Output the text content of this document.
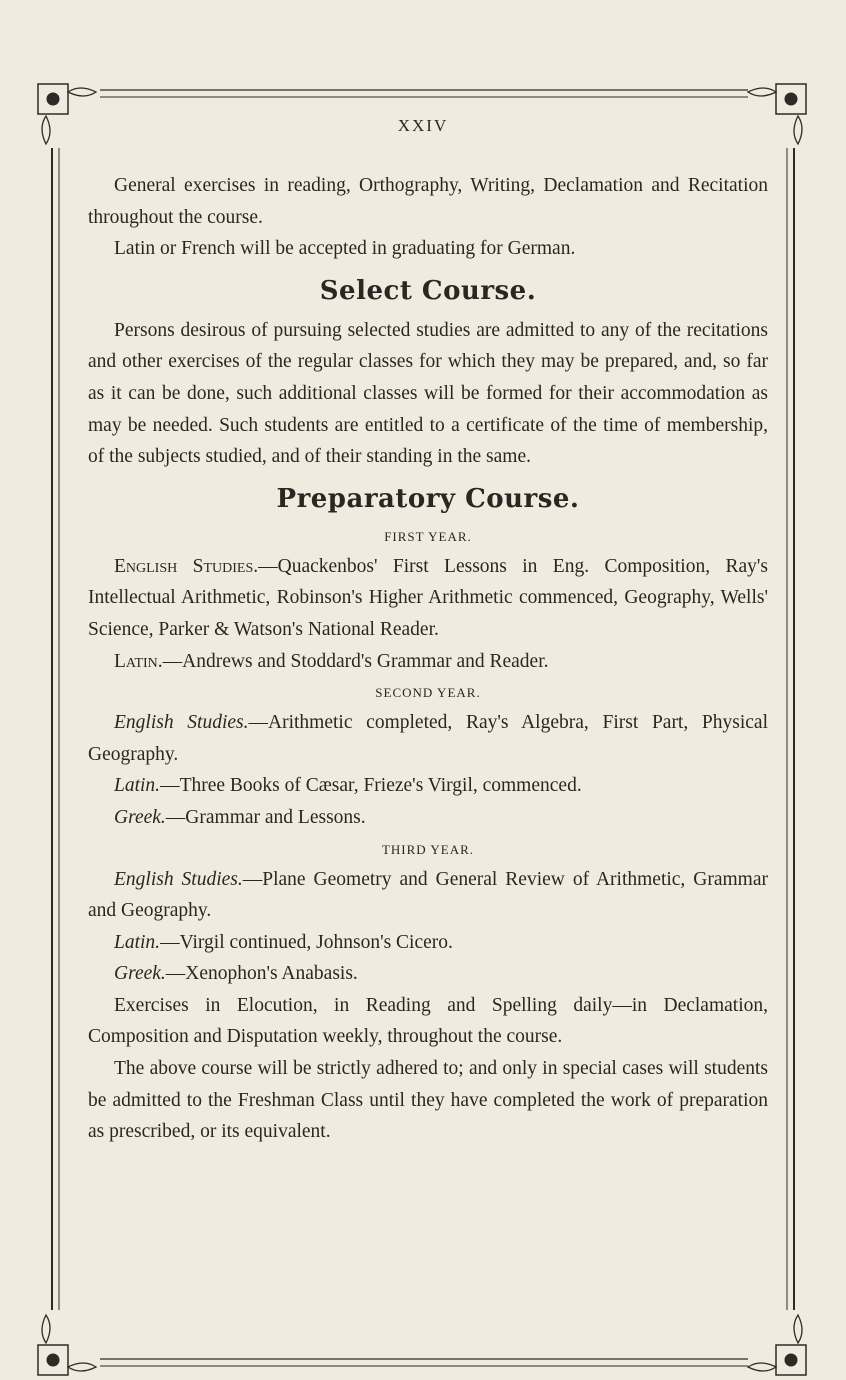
XXIV

General exercises in reading, Orthography, Writing, Declamation and Recitation throughout the course.

Latin or French will be accepted in graduating for German.

Select Course.

Persons desirous of pursuing selected studies are admitted to any of the recitations and other exercises of the regular classes for which they may be prepared, and, so far as it can be done, such additional classes will be formed for their accommodation as may be needed. Such students are entitled to a certificate of the time of membership, of the subjects studied, and of their standing in the same.

Preparatory Course.
FIRST YEAR.

English Studies.—Quackenbos' First Lessons in Eng. Composition, Ray's Intellectual Arithmetic, Robinson's Higher Arithmetic commenced, Geography, Wells' Science, Parker & Watson's National Reader.

Latin.—Andrews and Stoddard's Grammar and Reader.

SECOND YEAR.

English Studies.—Arithmetic completed, Ray's Algebra, First Part, Physical Geography.

Latin.—Three Books of Cæsar, Frieze's Virgil, commenced.

Greek.—Grammar and Lessons.

THIRD YEAR.

English Studies.—Plane Geometry and General Review of Arithmetic, Grammar and Geography.

Latin.—Virgil continued, Johnson's Cicero.

Greek.—Xenophon's Anabasis.

Exercises in Elocution, in Reading and Spelling daily—in Declamation, Composition and Disputation weekly, throughout the course.

The above course will be strictly adhered to; and only in special cases will students be admitted to the Freshman Class until they have completed the work of preparation as prescribed, or its equivalent.
